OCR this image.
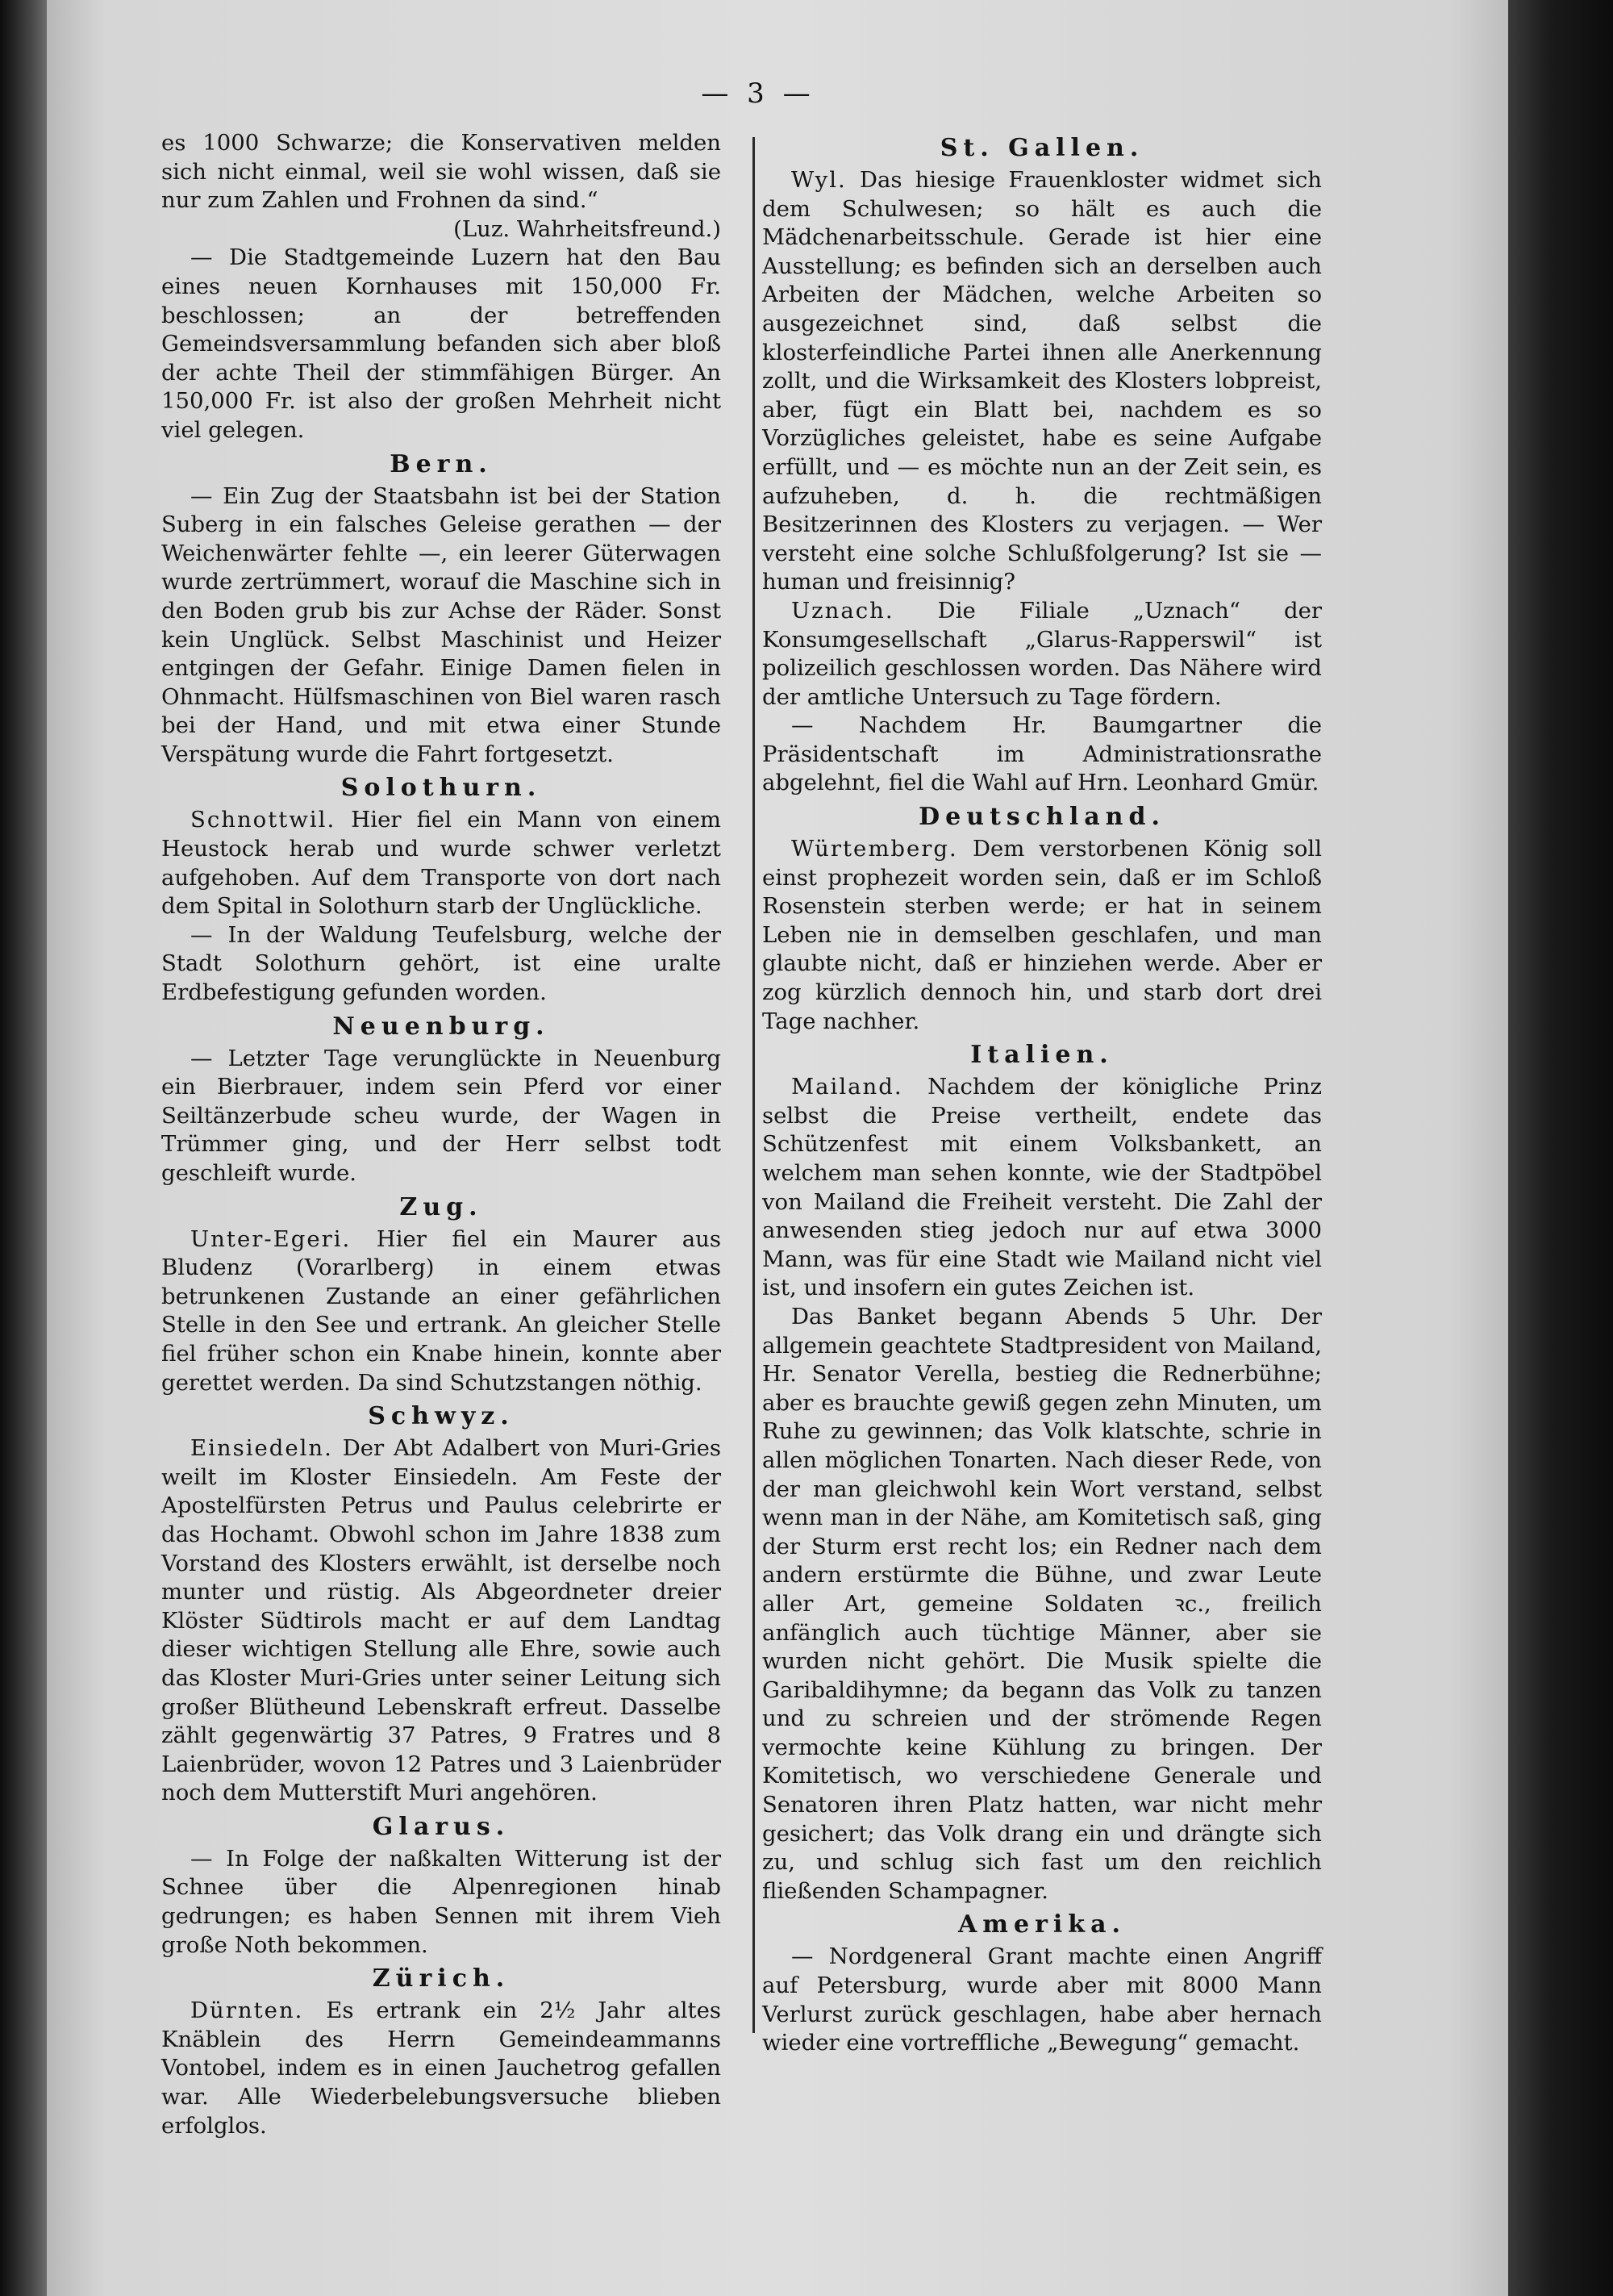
— 3 —

es 1000 Schwarze; die Konservativen melden sich nicht einmal, weil sie wohl wissen, daß sie nur zum Zahlen und Frohnen da sind.“

(Luz. Wahrheitsfreund.)

— Die Stadtgemeinde Luzern hat den Bau eines neuen Kornhauses mit 150,000 Fr. beschlossen; an der betreffenden Gemeindsversammlung befanden sich aber bloß der achte Theil der stimmfähigen Bürger. An 150,000 Fr. ist also der großen Mehrheit nicht viel gelegen.

Bern.

— Ein Zug der Staatsbahn ist bei der Station Suberg in ein falsches Geleise gerathen — der Weichenwärter fehlte —, ein leerer Güterwagen wurde zertrümmert, worauf die Maschine sich in den Boden grub bis zur Achse der Räder. Sonst kein Unglück. Selbst Maschinist und Heizer entgingen der Gefahr. Einige Damen fielen in Ohnmacht. Hülfsmaschinen von Biel waren rasch bei der Hand, und mit etwa einer Stunde Verspätung wurde die Fahrt fortgesetzt.

Solothurn.

Schnottwil. Hier fiel ein Mann von einem Heustock herab und wurde schwer verletzt aufgehoben. Auf dem Transporte von dort nach dem Spital in Solothurn starb der Unglückliche.

— In der Waldung Teufelsburg, welche der Stadt Solothurn gehört, ist eine uralte Erdbefestigung gefunden worden.

Neuenburg.

— Letzter Tage verunglückte in Neuenburg ein Bierbrauer, indem sein Pferd vor einer Seiltänzerbude scheu wurde, der Wagen in Trümmer ging, und der Herr selbst todt geschleift wurde.

Zug.

Unter-Egeri. Hier fiel ein Maurer aus Bludenz (Vorarlberg) in einem etwas betrunkenen Zustande an einer gefährlichen Stelle in den See und ertrank. An gleicher Stelle fiel früher schon ein Knabe hinein, konnte aber gerettet werden. Da sind Schutzstangen nöthig.

Schwyz.

Einsiedeln. Der Abt Adalbert von Muri-Gries weilt im Kloster Einsiedeln. Am Feste der Apostelfürsten Petrus und Paulus celebrirte er das Hochamt. Obwohl schon im Jahre 1838 zum Vorstand des Klosters erwählt, ist derselbe noch munter und rüstig. Als Abgeordneter dreier Klöster Südtirols macht er auf dem Landtag dieser wichtigen Stellung alle Ehre, sowie auch das Kloster Muri-Gries unter seiner Leitung sich großer Blütheund Lebenskraft erfreut. Dasselbe zählt gegenwärtig 37 Patres, 9 Fratres und 8 Laienbrüder, wovon 12 Patres und 3 Laienbrüder noch dem Mutterstift Muri angehören.

Glarus.

— In Folge der naßkalten Witterung ist der Schnee über die Alpenregionen hinab gedrungen; es haben Sennen mit ihrem Vieh große Noth bekommen.

Zürich.

Dürnten. Es ertrank ein 2½ Jahr altes Knäblein des Herrn Gemeindeammanns Vontobel, indem es in einen Jauchetrog gefallen war. Alle Wiederbelebungsversuche blieben erfolglos.

St. Gallen.

Wyl. Das hiesige Frauenkloster widmet sich dem Schulwesen; so hält es auch die Mädchenarbeitsschule. Gerade ist hier eine Ausstellung; es befinden sich an derselben auch Arbeiten der Mädchen, welche Arbeiten so ausgezeichnet sind, daß selbst die klosterfeindliche Partei ihnen alle Anerkennung zollt, und die Wirksamkeit des Klosters lobpreist, aber, fügt ein Blatt bei, nachdem es so Vorzügliches geleistet, habe es seine Aufgabe erfüllt, und — es möchte nun an der Zeit sein, es aufzuheben, d. h. die rechtmäßigen Besitzerinnen des Klosters zu verjagen. — Wer versteht eine solche Schlußfolgerung? Ist sie — human und freisinnig?

Uznach. Die Filiale „Uznach“ der Konsumgesellschaft „Glarus-Rapperswil“ ist polizeilich geschlossen worden. Das Nähere wird der amtliche Untersuch zu Tage fördern.

— Nachdem Hr. Baumgartner die Präsidentschaft im Administrationsrathe abgelehnt, fiel die Wahl auf Hrn. Leonhard Gmür.

Deutschland.

Würtemberg. Dem verstorbenen König soll einst prophezeit worden sein, daß er im Schloß Rosenstein sterben werde; er hat in seinem Leben nie in demselben geschlafen, und man glaubte nicht, daß er hinziehen werde. Aber er zog kürzlich dennoch hin, und starb dort drei Tage nachher.

Italien.

Mailand. Nachdem der königliche Prinz selbst die Preise vertheilt, endete das Schützenfest mit einem Volksbankett, an welchem man sehen konnte, wie der Stadtpöbel von Mailand die Freiheit versteht. Die Zahl der anwesenden stieg jedoch nur auf etwa 3000 Mann, was für eine Stadt wie Mailand nicht viel ist, und insofern ein gutes Zeichen ist.

Das Banket begann Abends 5 Uhr. Der allgemein geachtete Stadtpresident von Mailand, Hr. Senator Verella, bestieg die Rednerbühne; aber es brauchte gewiß gegen zehn Minuten, um Ruhe zu gewinnen; das Volk klatschte, schrie in allen möglichen Tonarten. Nach dieser Rede, von der man gleichwohl kein Wort verstand, selbst wenn man in der Nähe, am Komitetisch saß, ging der Sturm erst recht los; ein Redner nach dem andern erstürmte die Bühne, und zwar Leute aller Art, gemeine Soldaten ꝛc., freilich anfänglich auch tüchtige Männer, aber sie wurden nicht gehört. Die Musik spielte die Garibaldihymne; da begann das Volk zu tanzen und zu schreien und der strömende Regen vermochte keine Kühlung zu bringen. Der Komitetisch, wo verschiedene Generale und Senatoren ihren Platz hatten, war nicht mehr gesichert; das Volk drang ein und drängte sich zu, und schlug sich fast um den reichlich fließenden Schampagner.

Amerika.

— Nordgeneral Grant machte einen Angriff auf Petersburg, wurde aber mit 8000 Mann Verlurst zurück geschlagen, habe aber hernach wieder eine vortreffliche „Bewegung“ gemacht.
